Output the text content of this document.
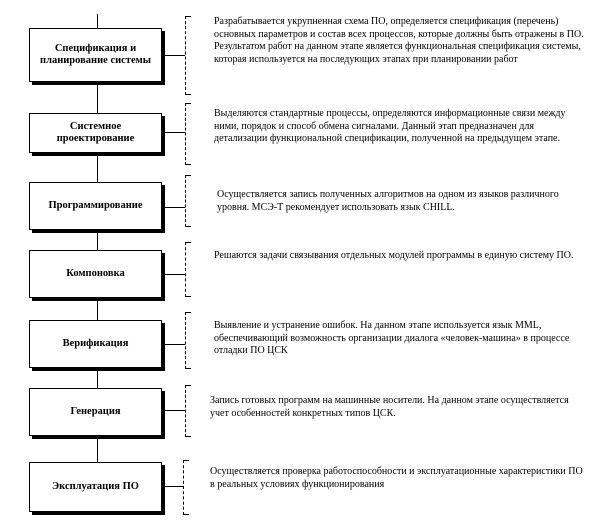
Спецификация и планирование системы

Разрабатывается укрупненная схема ПО, определяется спецификация (перечень) основных параметров и состав всех процессов, которые должны быть отражены в ПО. Результатом работ на данном этапе является функциональная спецификация системы, которая используется на последующих этапах при планировании работ

Системное проектирование

Выделяются стандартные процессы, определяются информационные связи между ними, порядок и способ обмена сигналами. Данный этап предназначен для детализации функциональной спецификации, полученной на предыдущем этапе.

Программирование

Осуществляется запись полученных алгоритмов на одном из языков различного уровня. МСЭ-Т рекомендует использовать язык CHILL.

Компоновка

Решаются задачи связывания отдельных модулей программы в единую систему ПО.

Верификация

Выявление и устранение ошибок. На данном этапе используется язык MML, обеспечивающий возможность организации диалога «человек-машина» в процессе отладки ПО ЦСК

Генерация

Запись готовых программ на машинные носители. На данном этапе осуществляется учет особенностей конкретных типов ЦСК.

Эксплуатация ПО

Осуществляется проверка работоспособности и эксплуатационные характеристики ПО в реальных условиях функционирования
